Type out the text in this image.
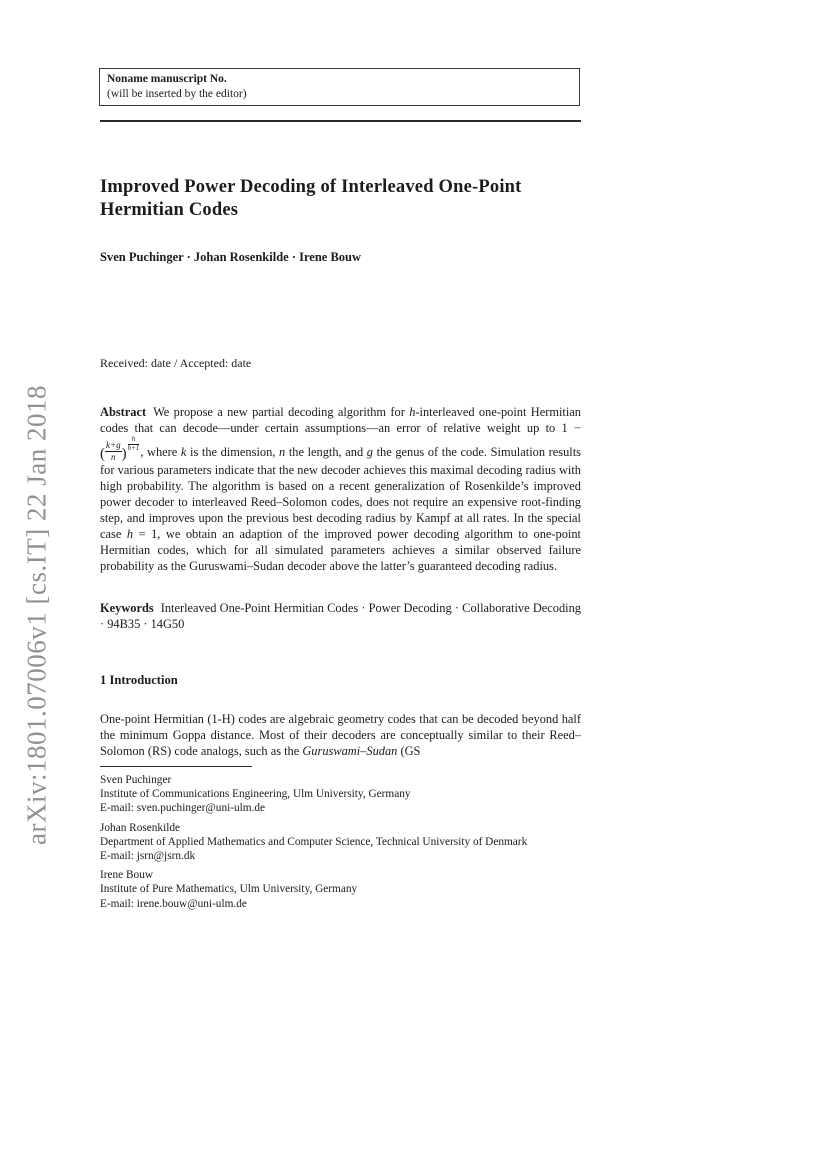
arXiv:1801.07006v1 [cs.IT] 22 Jan 2018
Noname manuscript No.
(will be inserted by the editor)
Improved Power Decoding of Interleaved One-Point Hermitian Codes
Sven Puchinger · Johan Rosenkilde · Irene Bouw
Received: date / Accepted: date

Abstract We propose a new partial decoding algorithm for h-interleaved one-point Hermitian codes that can decode—under certain assumptions—an error of relative weight up to 1 − ( $\frac{k+g}{n}$ )
$\frac{h}{h+1}$ , where k is the dimension, n the length, and g the genus of the code. Simulation results for various parameters indicate that the new decoder achieves this maximal decoding radius with high probability. The algorithm is based on a recent generalization of Rosenkilde’s improved power decoder to interleaved Reed–Solomon codes, does not require an expensive root-finding step, and improves upon the previous best decoding radius by Kampf at all rates. In the special case h = 1, we obtain an adaption of the improved power decoding algorithm to one-point Hermitian codes, which for all simulated parameters achieves a similar observed failure probability as the Guruswami–Sudan decoder above the latter’s guaranteed decoding radius.

Keywords Interleaved One-Point Hermitian Codes · Power Decoding · Collaborative Decoding · 94B35 · 14G50

1 Introduction

One-point Hermitian (1-H) codes are algebraic geometry codes that can be decoded beyond half the minimum Goppa distance. Most of their decoders are conceptually similar to their Reed–Solomon (RS) code analogs, such as the Guruswami–Sudan (GS

Sven Puchinger
Institute of Communications Engineering, Ulm University, Germany
E-mail: sven.puchinger@uni-ulm.de
Johan Rosenkilde
Department of Applied Mathematics and Computer Science, Technical University of Denmark
E-mail: jsrn@jsrn.dk
Irene Bouw
Institute of Pure Mathematics, Ulm University, Germany
E-mail: irene.bouw@uni-ulm.de
